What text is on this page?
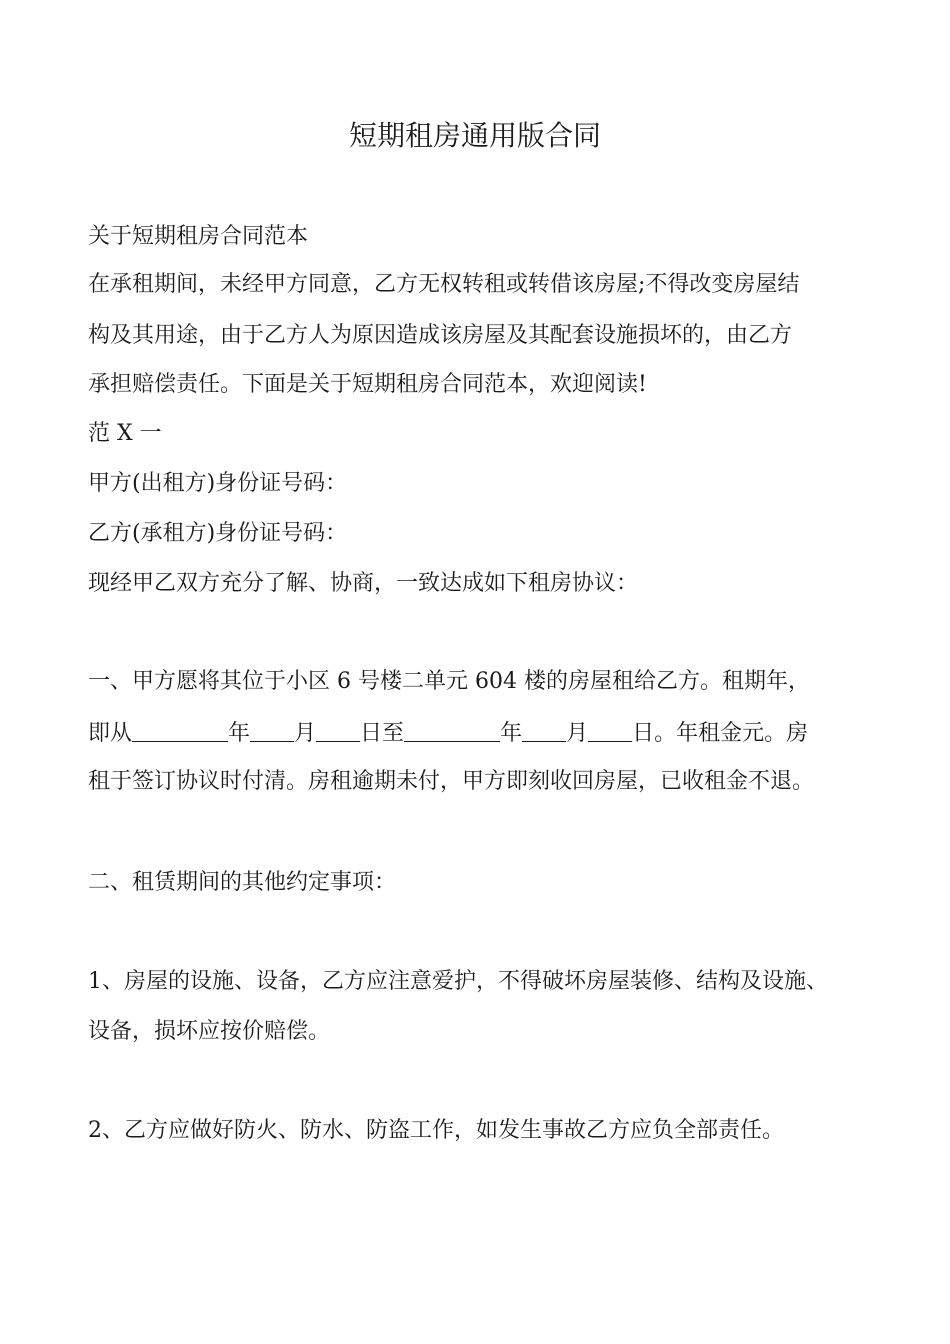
短期租房通用版合同

关于短期租房合同范本

在承租期间，未经甲方同意，乙方无权转租或转借该房屋;不得改变房屋结

构及其用途，由于乙方人为原因造成该房屋及其配套设施损坏的，由乙方

承担赔偿责任。下面是关于短期租房合同范本，欢迎阅读!

范 X 一

甲方(出租方)身份证号码：

乙方(承租方)身份证号码：

现经甲乙双方充分了解、协商，一致达成如下租房协议：

一、甲方愿将其位于小区 6 号楼二单元 604 楼的房屋租给乙方。租期年，

即从	年 月 日至	年 月 日。年租金元。房

租于签订协议时付清。房租逾期未付，甲方即刻收回房屋，已收租金不退。

二、租赁期间的其他约定事项：

1、房屋的设施、设备，乙方应注意爱护，不得破坏房屋装修、结构及设施、

设备，损坏应按价赔偿。

2、乙方应做好防火、防水、防盗工作，如发生事故乙方应负全部责任。
